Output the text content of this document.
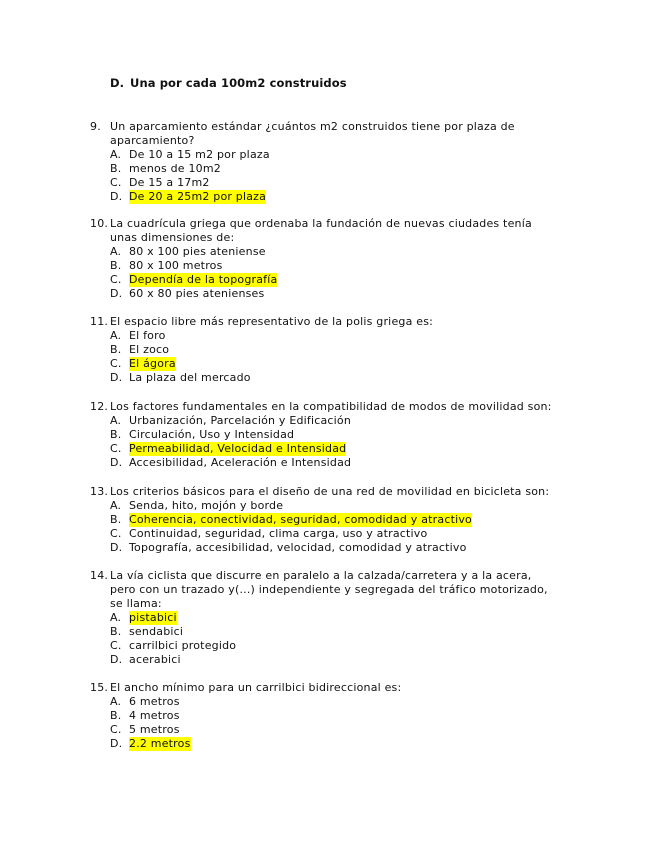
D. Una por cada 100m2 construidos
9. Un aparcamiento estándar ¿cuántos m2 construidos tiene por plaza de aparcamiento?
A. De 10 a 15 m2 por plaza
B. menos de 10m2
C. De 15 a 17m2
D. De 20 a 25m2 por plaza
10. La cuadrícula griega que ordenaba la fundación de nuevas ciudades tenía unas dimensiones de:
A. 80 x 100 pies ateniense
B. 80 x 100 metros
C. Dependía de la topografía
D. 60 x 80 pies atenienses
11. El espacio libre más representativo de la polis griega es:
A. El foro
B. El zoco
C. El ágora
D. La plaza del mercado
12. Los factores fundamentales en la compatibilidad de modos de movilidad son:
A. Urbanización, Parcelación y Edificación
B. Circulación, Uso y Intensidad
C. Permeabilidad, Velocidad e Intensidad
D. Accesibilidad, Aceleración e Intensidad
13. Los criterios básicos para el diseño de una red de movilidad en bicicleta son:
A. Senda, hito, mojón y borde
B. Coherencia, conectividad, seguridad, comodidad y atractivo
C. Continuidad, seguridad, clima carga, uso y atractivo
D. Topografía, accesibilidad, velocidad, comodidad y atractivo
14. La vía ciclista que discurre en paralelo a la calzada/carretera y a la acera, pero con un trazado y(...) independiente y segregada del tráfico motorizado, se llama:
A. pistabici
B. sendabici
C. carrilbici protegido
D. acerabici
15. El ancho mínimo para un carrilbici bidireccional es:
A. 6 metros
B. 4 metros
C. 5 metros
D. 2.2 metros
